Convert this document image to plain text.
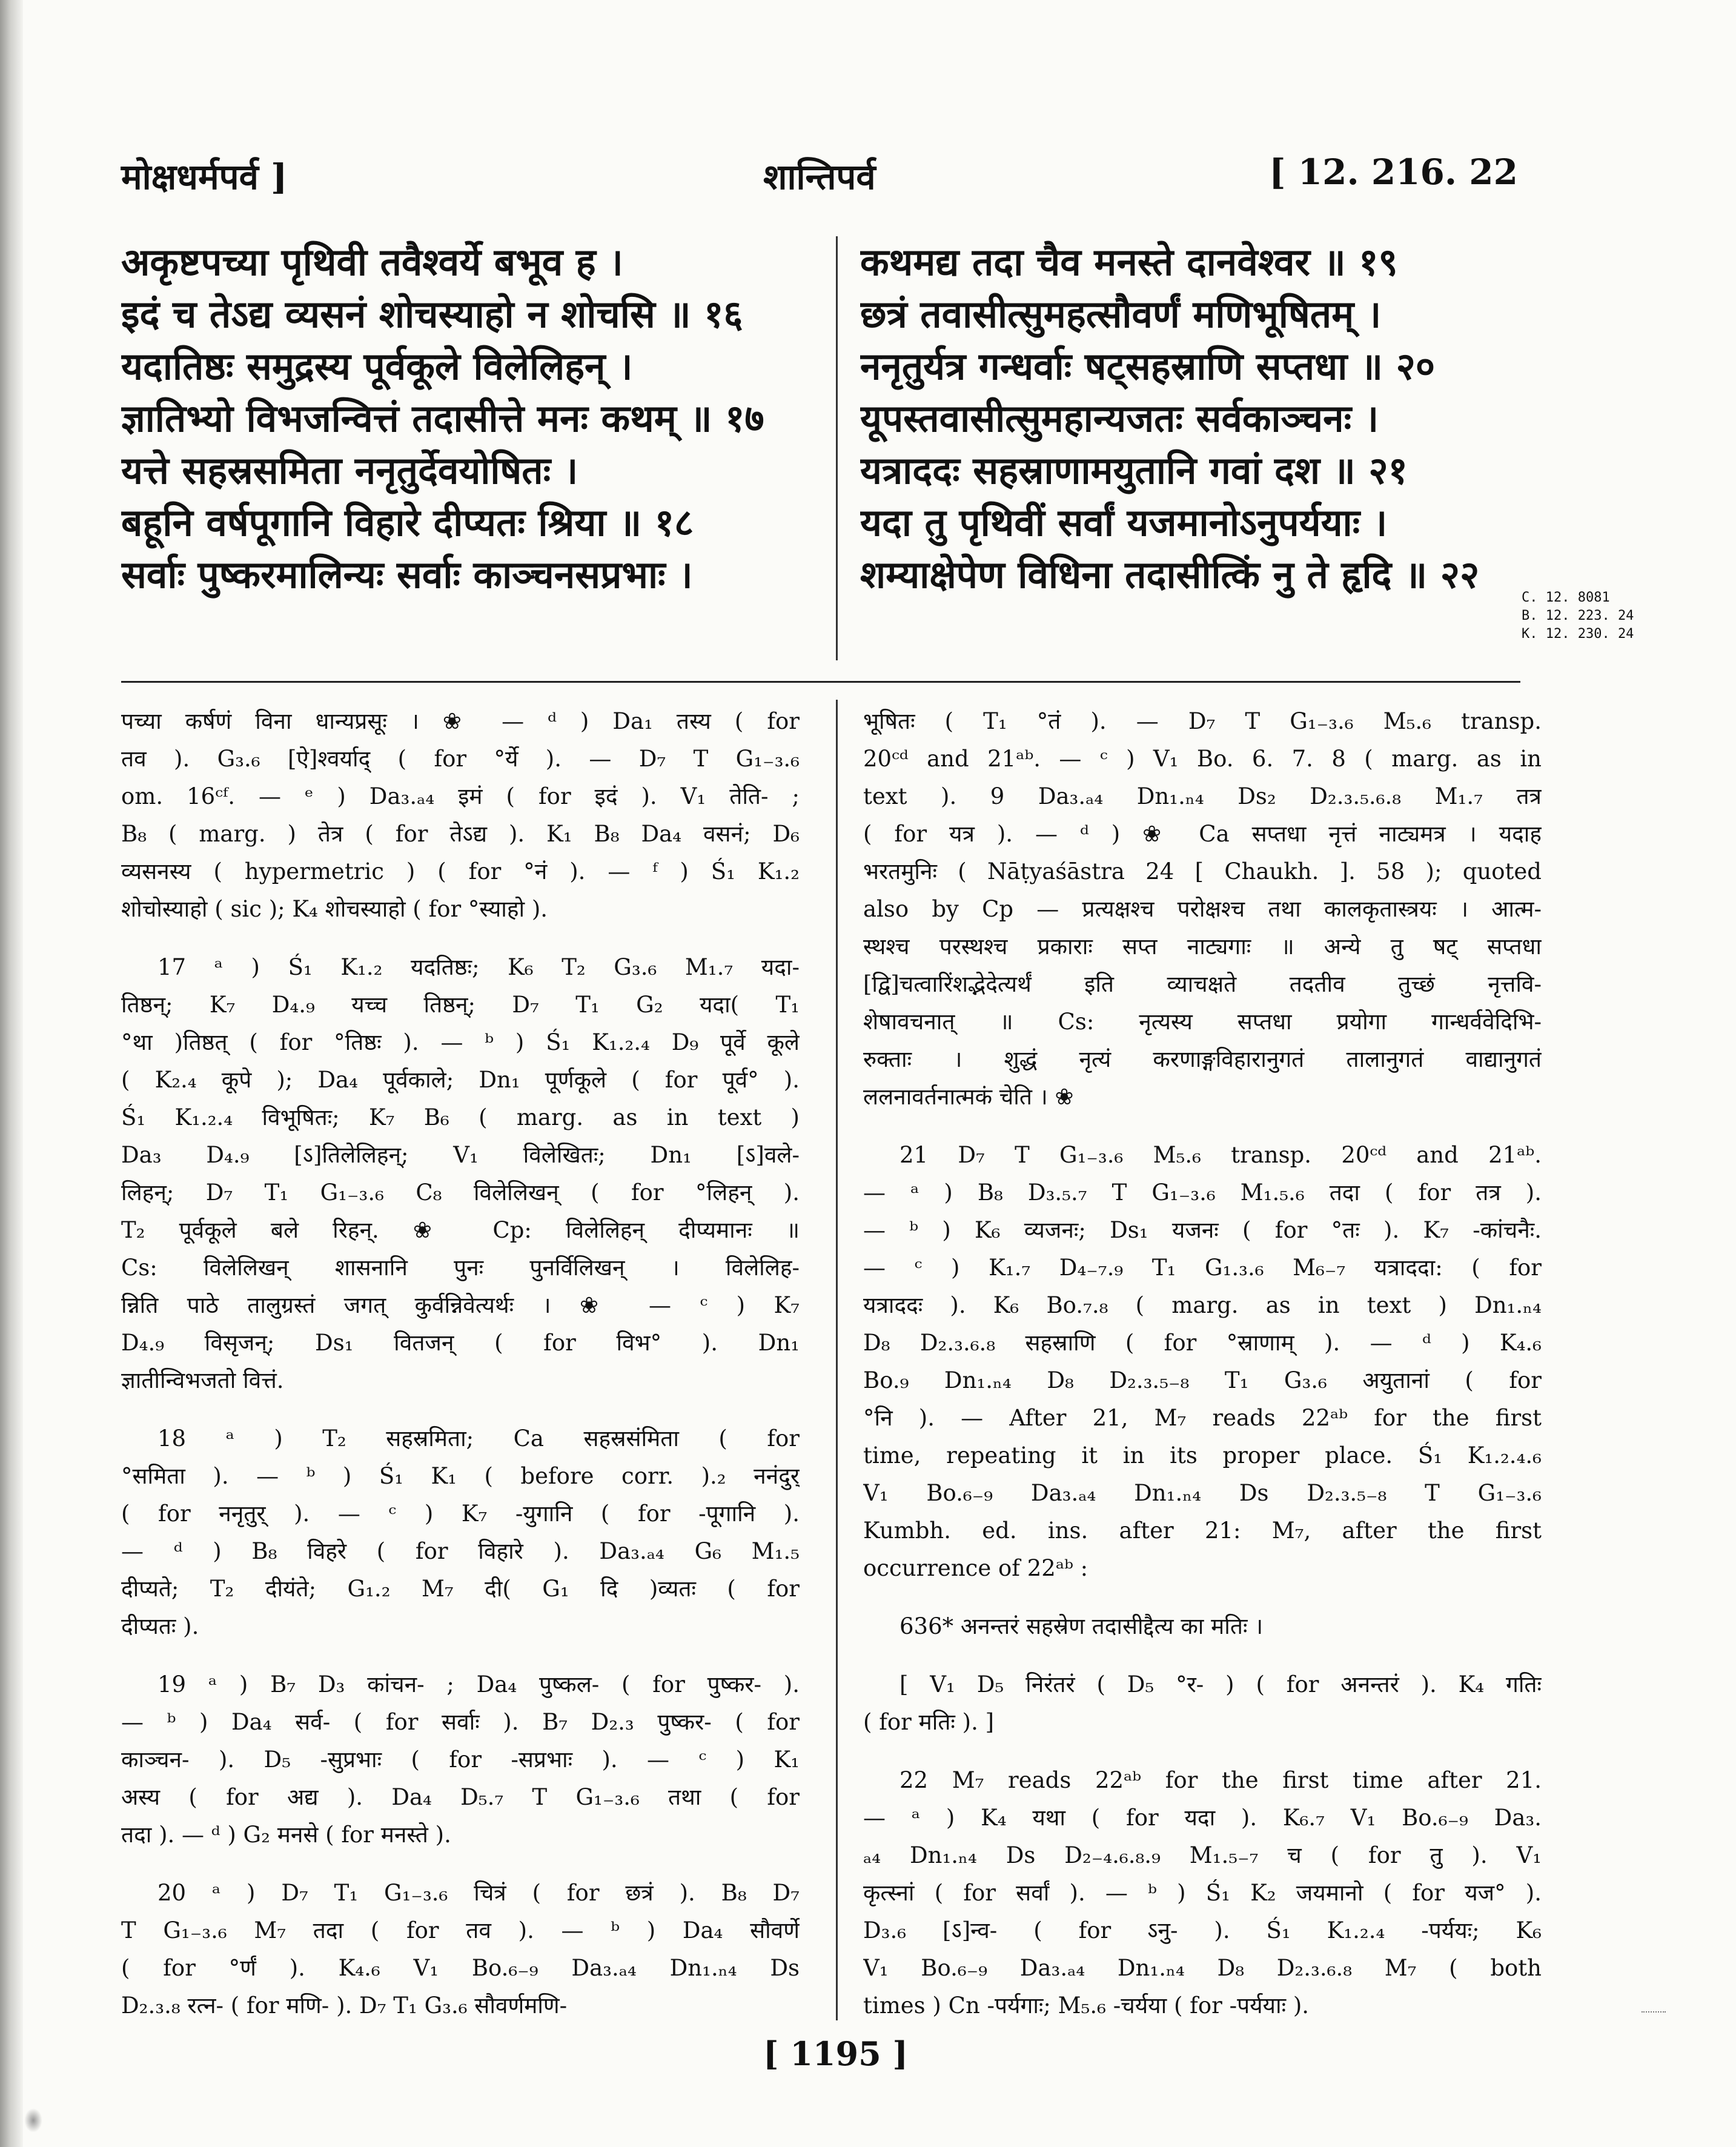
मोक्षधर्मपर्व ]	शान्तिपर्व	[ 12. 216. 22
अकृष्टपच्या पृथिवी तवैश्वर्ये बभूव ह ।
इदं च तेऽद्य व्यसनं शोचस्याहो न शोचसि ॥ १६
यदातिष्ठः समुद्रस्य पूर्वकूले विलेलिहन् ।
ज्ञातिभ्यो विभजन्वित्तं तदासीत्ते मनः कथम् ॥ १७
यत्ते सहस्रसमिता ननृतुर्देवयोषितः ।
बहूनि वर्षपूगानि विहारे दीप्यतः श्रिया ॥ १८
सर्वाः पुष्करमालिन्यः सर्वाः काञ्चनसप्रभाः ।
कथमद्य तदा चैव मनस्ते दानवेश्वर ॥ १९
छत्रं तवासीत्सुमहत्सौवर्णं मणिभूषितम् ।
ननृतुर्यत्र गन्धर्वाः षट्सहस्राणि सप्तधा ॥ २०
यूपस्तवासीत्सुमहान्यजतः सर्वकाञ्चनः ।
यत्राददः सहस्राणामयुतानि गवां दश ॥ २१
यदा तु पृथिवीं सर्वां यजमानोऽनुपर्ययाः ।
शम्याक्षेपेण विधिना तदासीत्किं नु ते हृदि ॥ २२
C. 12. 8081
B. 12. 223. 24
K. 12. 230. 24
पच्या कर्षणं विना धान्यप्रसूः । ❀ — ᵈ ) Da₁ तस्य ( for
तव ). G₃.₆ [ऐ]श्वर्याद् ( for °र्ये ). — D₇ T G₁₋₃.₆
om. 16ᶜᶠ. — ᵉ ) Da₃.ₐ₄ इमं ( for इदं ). V₁ तेति- ;
B₈ ( marg. ) तेत्र ( for तेऽद्य ). K₁ B₈ Da₄ वसनं; D₆
व्यसनस्य ( hypermetric ) ( for °नं ). — ᶠ ) Ś₁ K₁.₂
शोचोस्याहो ( sic ); K₄ शोचस्याहो ( for °स्याहो ).
17 ᵃ ) Ś₁ K₁.₂ यदतिष्ठः; K₆ T₂ G₃.₆ M₁.₇ यदा-
तिष्ठन्; K₇ D₄.₉ यच्च तिष्ठन्; D₇ T₁ G₂ यदा( T₁
°था )तिष्ठत् ( for °तिष्ठः ). — ᵇ ) Ś₁ K₁.₂.₄ D₉ पूर्वे कूले
( K₂.₄ कूपे ); Da₄ पूर्वकाले; Dn₁ पूर्णकूले ( for पूर्व° ).
Ś₁ K₁.₂.₄ विभूषितः; K₇ B₆ ( marg. as in text )
Da₃ D₄.₉ [ऽ]तिलेलिहन्; V₁ विलेखितः; Dn₁ [ऽ]वले-
लिहन्; D₇ T₁ G₁₋₃.₆ C₈ विलेलिखन् ( for °लिहन् ).
T₂ पूर्वकूले बले रिहन्. ❀ Cp: विलेलिहन् दीप्यमानः ॥
Cs: विलेलिखन् शासनानि पुनः पुनर्विलिखन् । विलेलिह-
न्निति पाठे तालुग्रस्तं जगत् कुर्वन्निवेत्यर्थः । ❀ — ᶜ ) K₇
D₄.₉ विसृजन्; Ds₁ वितजन् ( for विभ° ). Dn₁
ज्ञातीन्विभजतो वित्तं.
18 ᵃ ) T₂ सहस्रमिता; Ca सहस्रसंमिता ( for
°समिता ). — ᵇ ) Ś₁ K₁ ( before corr. ).₂ ननंदुर्
( for ननृतुर् ). — ᶜ ) K₇ -युगानि ( for -पूगानि ).
— ᵈ ) B₈ विहरे ( for विहारे ). Da₃.ₐ₄ G₆ M₁.₅
दीप्यते; T₂ दीयंते; G₁.₂ M₇ दी( G₁ दि )व्यतः ( for
दीप्यतः ).
19 ᵃ ) B₇ D₃ कांचन- ; Da₄ पुष्कल- ( for पुष्कर- ).
— ᵇ ) Da₄ सर्व- ( for सर्वाः ). B₇ D₂.₃ पुष्कर- ( for
काञ्चन- ). D₅ -सुप्रभाः ( for -सप्रभाः ). — ᶜ ) K₁
अस्य ( for अद्य ). Da₄ D₅.₇ T G₁₋₃.₆ तथा ( for
तदा ). — ᵈ ) G₂ मनसे ( for मनस्ते ).
20 ᵃ ) D₇ T₁ G₁₋₃.₆ चित्रं ( for छत्रं ). B₈ D₇
T G₁₋₃.₆ M₇ तदा ( for तव ). — ᵇ ) Da₄ सौवर्णे
( for °र्णं ). K₄.₆ V₁ Bo.₆₋₉ Da₃.ₐ₄ Dn₁.ₙ₄ Ds
D₂.₃.₈ रत्न- ( for मणि- ). D₇ T₁ G₃.₆ सौवर्णमणि-
भूषितः ( T₁ °तं ). — D₇ T G₁₋₃.₆ M₅.₆ transp.
20ᶜᵈ and 21ᵃᵇ. — ᶜ ) V₁ Bo. 6. 7. 8 ( marg. as in
text ). 9 Da₃.ₐ₄ Dn₁.ₙ₄ Ds₂ D₂.₃.₅.₆.₈ M₁.₇ तत्र
( for यत्र ). — ᵈ ) ❀ Ca सप्तधा नृत्तं नाट्यमत्र । यदाह
भरतमुनिः ( Nāṭyaśāstra 24 [ Chaukh. ]. 58 ); quoted
also by Cp — प्रत्यक्षश्च परोक्षश्च तथा कालकृतास्त्रयः । आत्म-
स्थश्च परस्थश्च प्रकाराः सप्त नाट्यगाः ॥ अन्ये तु षट् सप्तधा
[द्वि]चत्वारिंशद्भेदेत्यर्थं इति व्याचक्षते तदतीव तुच्छं नृत्तवि-
शेषावचनात् ॥ Cs: नृत्यस्य सप्तधा प्रयोगा गान्धर्ववेदिभि-
रुक्ताः । शुद्धं नृत्यं करणाङ्गविहारानुगतं तालानुगतं वाद्यानुगतं
ललनावर्तनात्मकं चेति । ❀
21 D₇ T G₁₋₃.₆ M₅.₆ transp. 20ᶜᵈ and 21ᵃᵇ.
— ᵃ ) B₈ D₃.₅.₇ T G₁₋₃.₆ M₁.₅.₆ तदा ( for तत्र ).
— ᵇ ) K₆ व्यजनः; Ds₁ यजनः ( for °तः ). K₇ -कांचनैः.
— ᶜ ) K₁.₇ D₄₋₇.₉ T₁ G₁.₃.₆ M₆₋₇ यत्राददा: ( for
यत्राददः ). K₆ Bo.₇.₈ ( marg. as in text ) Dn₁.ₙ₄
D₈ D₂.₃.₆.₈ सहस्राणि ( for °स्राणाम् ). — ᵈ ) K₄.₆
Bo.₉ Dn₁.ₙ₄ D₈ D₂.₃.₅₋₈ T₁ G₃.₆ अयुतानां ( for
°नि ). — After 21, M₇ reads 22ᵃᵇ for the first
time, repeating it in its proper place. Ś₁ K₁.₂.₄.₆
V₁ Bo.₆₋₉ Da₃.ₐ₄ Dn₁.ₙ₄ Ds D₂.₃.₅₋₈ T G₁₋₃.₆
Kumbh. ed. ins. after 21: M₇, after the first
occurrence of 22ᵃᵇ :
636* अनन्तरं सहस्रेण तदासीद्दैत्य का मतिः ।
[ V₁ D₅ निरंतरं ( D₅ °र- ) ( for अनन्तरं ). K₄ गतिः
( for मतिः ). ]
22 M₇ reads 22ᵃᵇ for the first time after 21.
— ᵃ ) K₄ यथा ( for यदा ). K₆.₇ V₁ Bo.₆₋₉ Da₃.
ₐ₄ Dn₁.ₙ₄ Ds D₂₋₄.₆.₈.₉ M₁.₅₋₇ च ( for तु ). V₁
कृत्स्नां ( for सर्वां ). — ᵇ ) Ś₁ K₂ जयमानो ( for यज° ).
D₃.₆ [ऽ]न्व- ( for ऽनु- ). Ś₁ K₁.₂.₄ -पर्ययः; K₆
V₁ Bo.₆₋₉ Da₃.ₐ₄ Dn₁.ₙ₄ D₈ D₂.₃.₆.₈ M₇ ( both
times ) Cn -पर्यगाः; M₅.₆ -चर्यया ( for -पर्ययाः ).
[ 1195 ]
